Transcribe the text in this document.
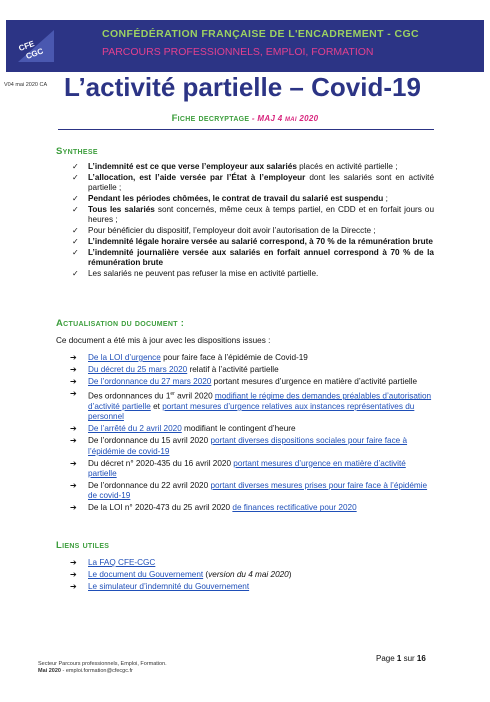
CFE
CGC
CONFÉDÉRATION FRANÇAISE DE L'ENCADREMENT - CGC
PARCOURS PROFESSIONNELS, EMPLOI, FORMATION
V04 mai 2020 CA L’activité partielle – Covid-19
Fiche decryptage - MAJ 4 mai 2020
Synthese
✓ L’indemnité est ce que verse l’employeur aux salariés placés en activité partielle ;
✓ L’allocation, est l’aide versée par l’État à l’employeur dont les salariés sont en activité partielle ;
✓ Pendant les périodes chômées, le contrat de travail du salarié est suspendu ;
✓ Tous les salariés sont concernés, même ceux à temps partiel, en CDD et en forfait jours ou heures ;
✓ Pour bénéficier du dispositif, l’employeur doit avoir l’autorisation de la Direccte ;
✓ L’indemnité légale horaire versée au salarié correspond, à 70 % de la rémunération brute
✓ L’indemnité journalière versée aux salariés en forfait annuel correspond à 70 % de la rémunération brute
✓ Les salariés ne peuvent pas refuser la mise en activité partielle.
Actualisation du document :
Ce document a été mis à jour avec les dispositions issues :
➔ De la LOI d’urgence pour faire face à l’épidémie de Covid-19
➔ Du décret du 25 mars 2020 relatif à l’activité partielle
➔ De l’ordonnance du 27 mars 2020 portant mesures d’urgence en matière d’activité partielle
➔ Des ordonnances du 1er avril 2020 modifiant le régime des demandes préalables d’autorisation d’activité partielle et portant mesures d’urgence relatives aux instances représentatives du personnel
➔ De l’arrêté du 2 avril 2020 modifiant le contingent d’heure
➔ De l’ordonnance du 15 avril 2020 portant diverses dispositions sociales pour faire face à l’épidémie de covid-19
➔ Du décret n° 2020-435 du 16 avril 2020 portant mesures d’urgence en matière d’activité partielle
➔ De l’ordonnance du 22 avril 2020 portant diverses mesures prises pour faire face à l’épidémie de covid-19
➔ De la LOI n° 2020-473 du 25 avril 2020 de finances rectificative pour 2020
Liens utiles
➔ La FAQ CFE-CGC
➔ Le document du Gouvernement (version du 4 mai 2020)
➔ Le simulateur d’indemnité du Gouvernement
Secteur Parcours professionnels, Emploi, Formation.
Mai 2020 - emploi.formation@cfecgc.fr
Page 1 sur 16
